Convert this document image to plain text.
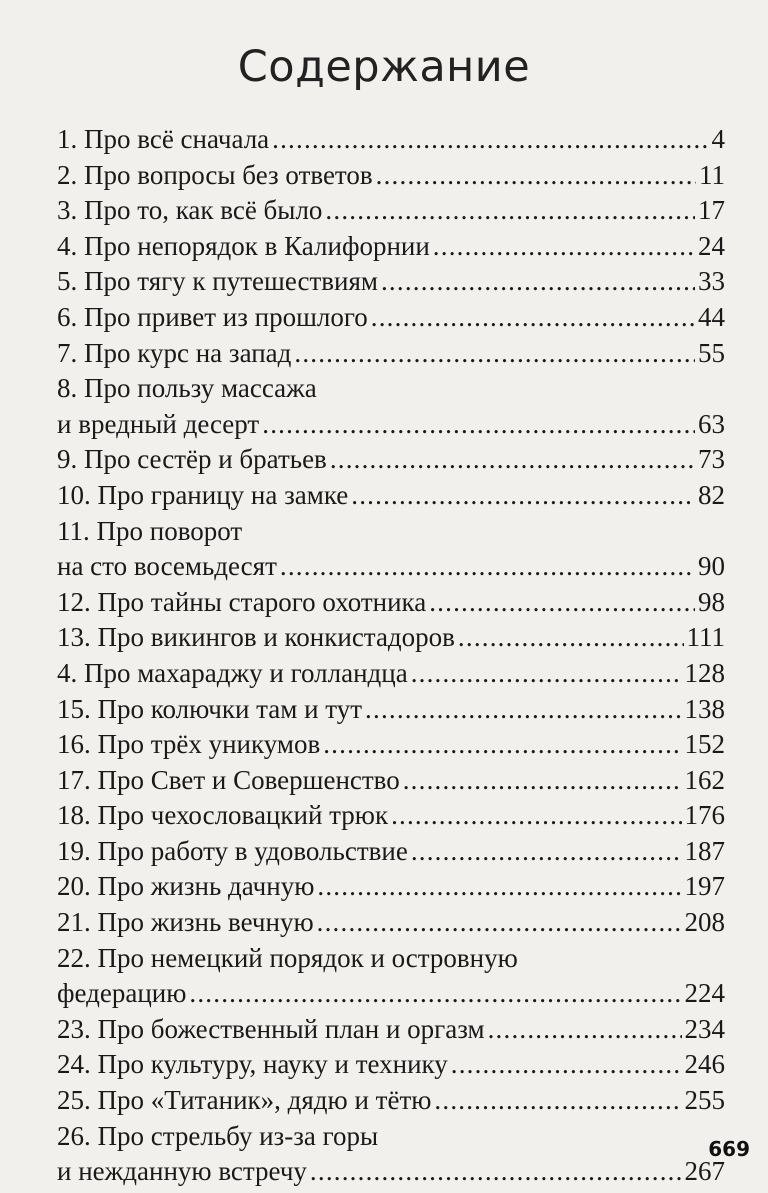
Содержание
1. Про всё сначала .....	4
2. Про вопросы без ответов .....	11
3. Про то, как всё было .....	17
4. Про непорядок в Калифорнии .....	24
5. Про тягу к путешествиям .....	33
6. Про привет из прошлого .....	44
7. Про курс на запад .....	55
8. Про пользу массажа
и вредный десерт .....	63
9. Про сестёр и братьев .....	73
10. Про границу на замке .....	82
11. Про поворот
на сто восемьдесят .....	90
12. Про тайны старого охотника .....	98
13. Про викингов и конкистадоров .....	111
4. Про махараджу и голландца .....	128
15. Про колючки там и тут .....	138
16. Про трёх уникумов .....	152
17. Про Свет и Совершенство .....	162
18. Про чехословацкий трюк .....	176
19. Про работу в удовольствие .....	187
20. Про жизнь дачную .....	197
21. Про жизнь вечную .....	208
22. Про немецкий порядок и островную
федерацию .....	224
23. Про божественный план и оргазм .....	234
24. Про культуру, науку и технику .....	246
25. Про «Титаник», дядю и тётю .....	255
26. Про стрельбу из-за горы
и нежданную встречу .....	267
669
